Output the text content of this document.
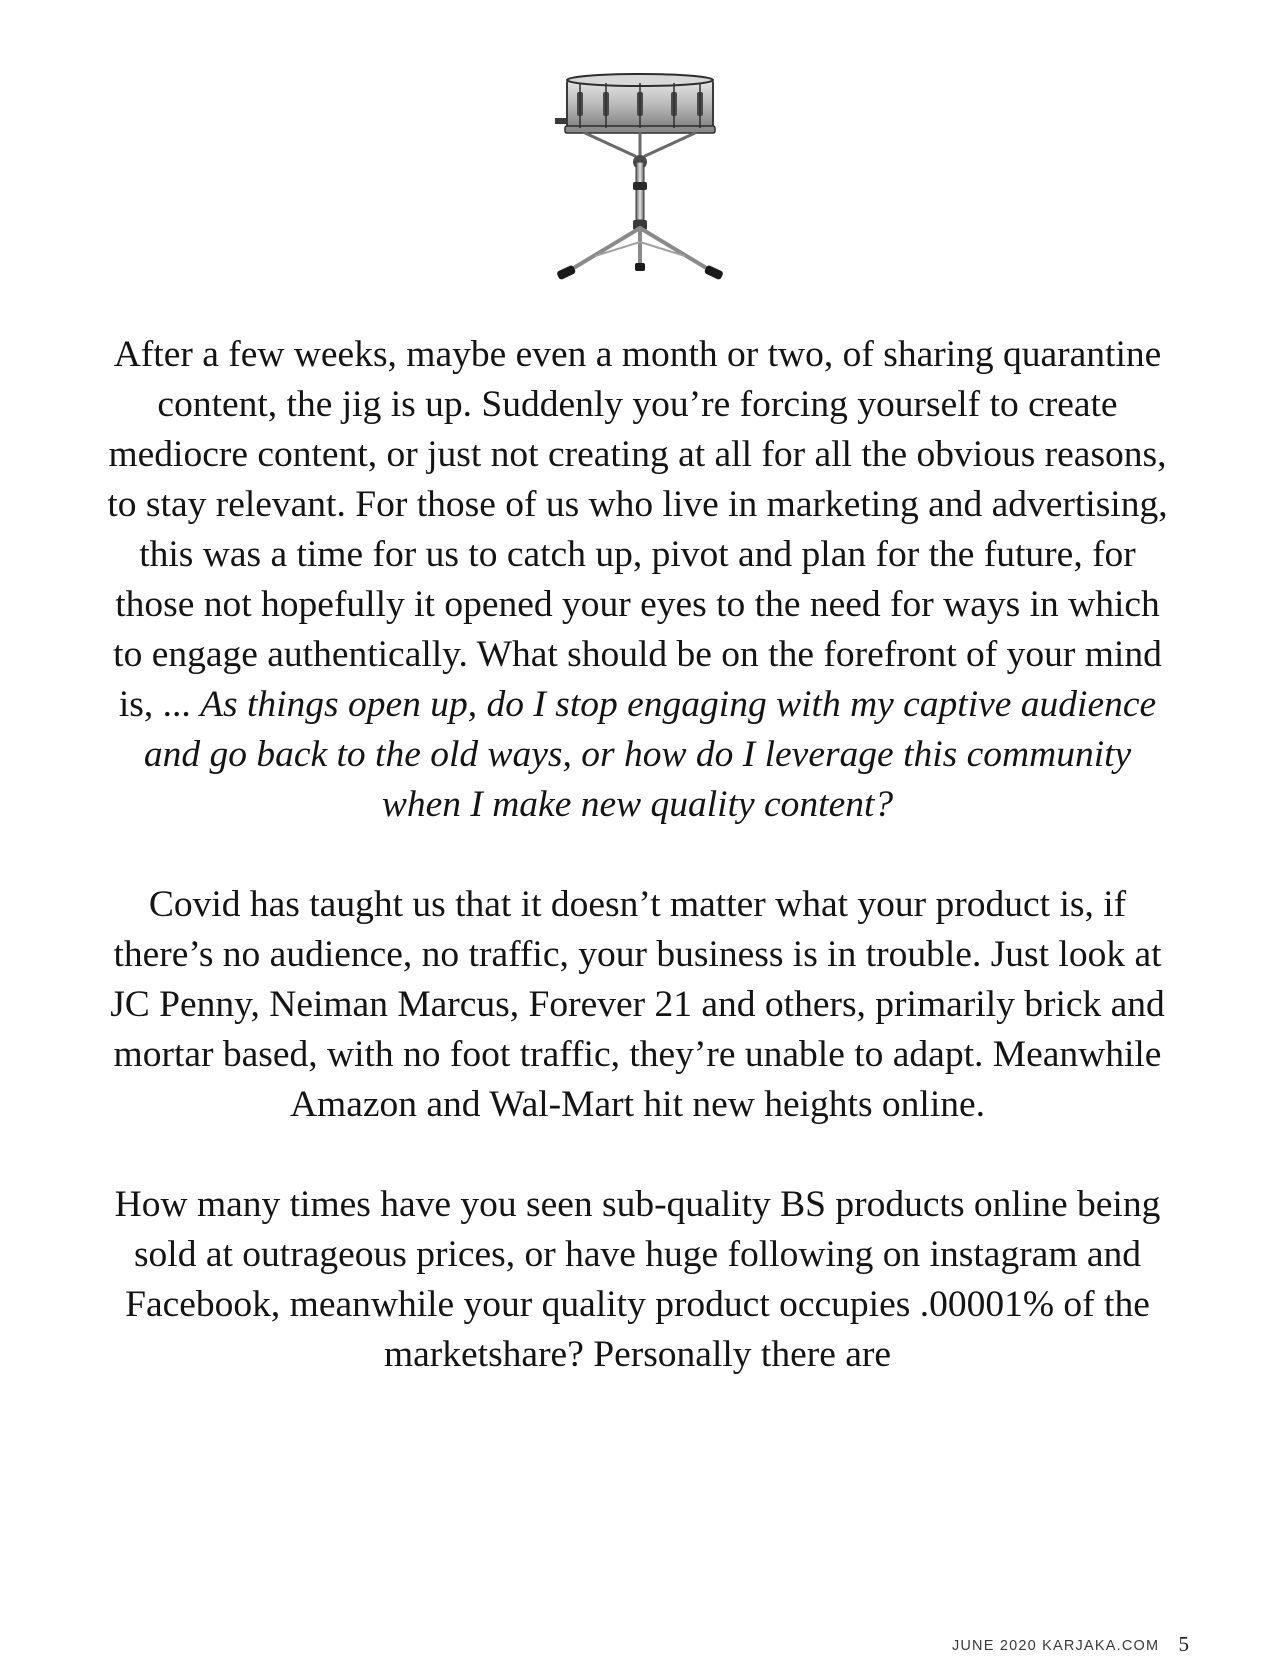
After a few weeks, maybe even a month or two, of sharing quarantine content, the jig is up. Suddenly you’re forcing yourself to create mediocre content, or just not creating at all for all the obvious reasons, to stay relevant. For those of us who live in marketing and advertising, this was a time for us to catch up, pivot and plan for the future, for those not hopefully it opened your eyes to the need for ways in which to engage authentically. What should be on the forefront of your mind is, ... As things open up, do I stop engaging with my captive audience and go back to the old ways, or how do I leverage this community when I make new quality content?

Covid has taught us that it doesn’t matter what your product is, if there’s no audience, no traffic, your business is in trouble. Just look at JC Penny, Neiman Marcus, Forever 21 and others, primarily brick and mortar based, with no foot traffic, they’re unable to adapt. Meanwhile Amazon and Wal-Mart hit new heights online.

How many times have you seen sub-quality BS products online being sold at outrageous prices, or have huge following on instagram and Facebook, meanwhile your quality product occupies .00001% of the marketshare? Personally there are

JUNE 2020 KARJAKA.COM 5
